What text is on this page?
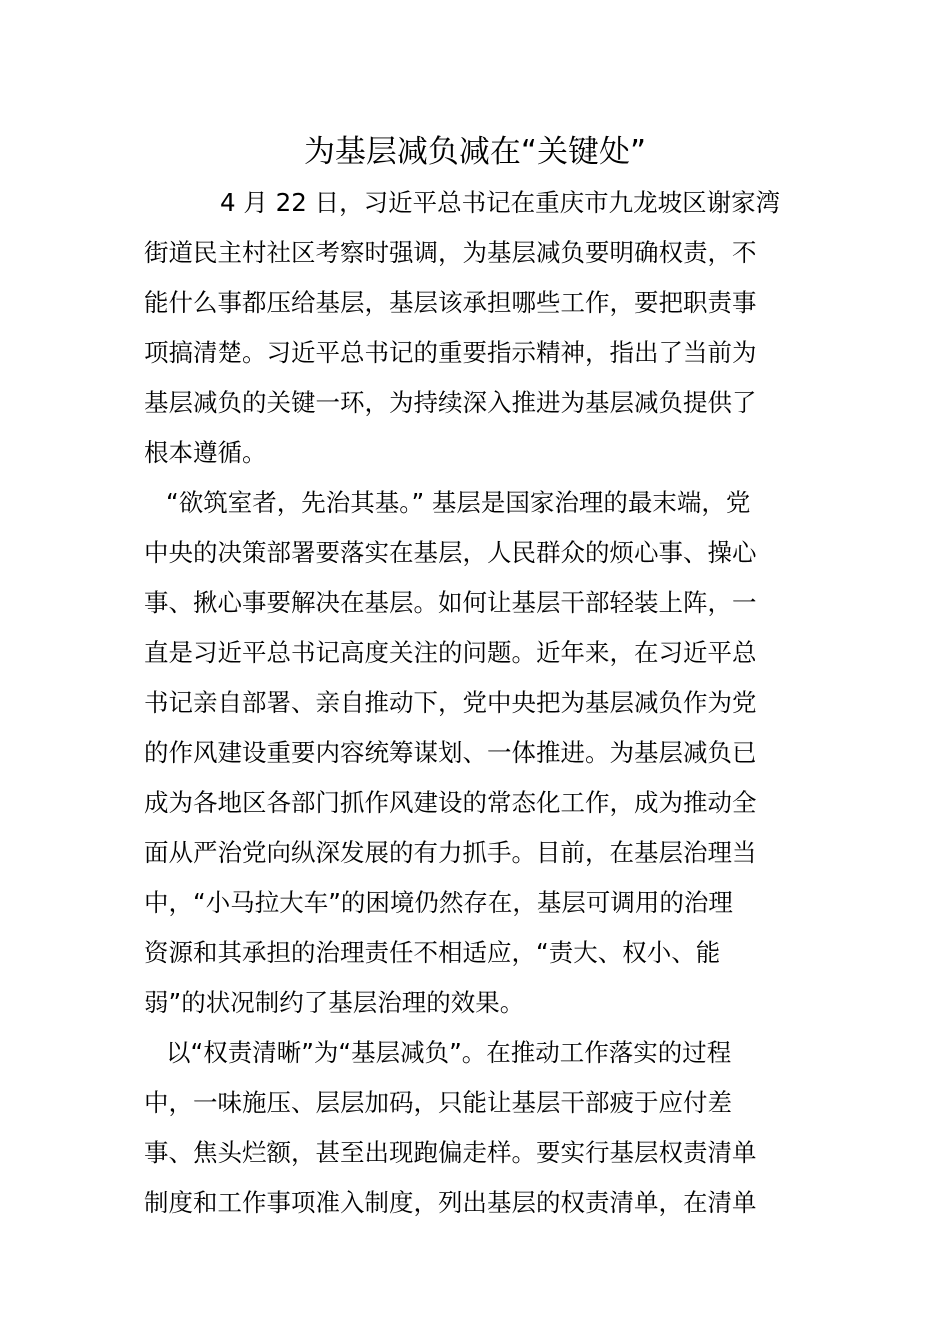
为基层减负减在“关键处”
4 月 22 日，习近平总书记在重庆市九龙坡区谢家湾
街道民主村社区考察时强调，为基层减负要明确权责，不
能什么事都压给基层，基层该承担哪些工作，要把职责事
项搞清楚。习近平总书记的重要指示精神，指出了当前为
基层减负的关键一环，为持续深入推进为基层减负提供了
根本遵循。
“欲筑室者，先治其基。” 基层是国家治理的最末端，党
中央的决策部署要落实在基层，人民群众的烦心事、操心
事、揪心事要解决在基层。如何让基层干部轻装上阵，一
直是习近平总书记高度关注的问题。近年来，在习近平总
书记亲自部署、亲自推动下，党中央把为基层减负作为党
的作风建设重要内容统筹谋划、一体推进。为基层减负已
成为各地区各部门抓作风建设的常态化工作，成为推动全
面从严治党向纵深发展的有力抓手。目前，在基层治理当
中，“小马拉大车”的困境仍然存在，基层可调用的治理
资源和其承担的治理责任不相适应，“责大、权小、能
弱”的状况制约了基层治理的效果。
以“权责清晰”为“基层减负”。在推动工作落实的过程
中，一味施压、层层加码，只能让基层干部疲于应付差
事、焦头烂额，甚至出现跑偏走样。要实行基层权责清单
制度和工作事项准入制度，列出基层的权责清单，在清单
